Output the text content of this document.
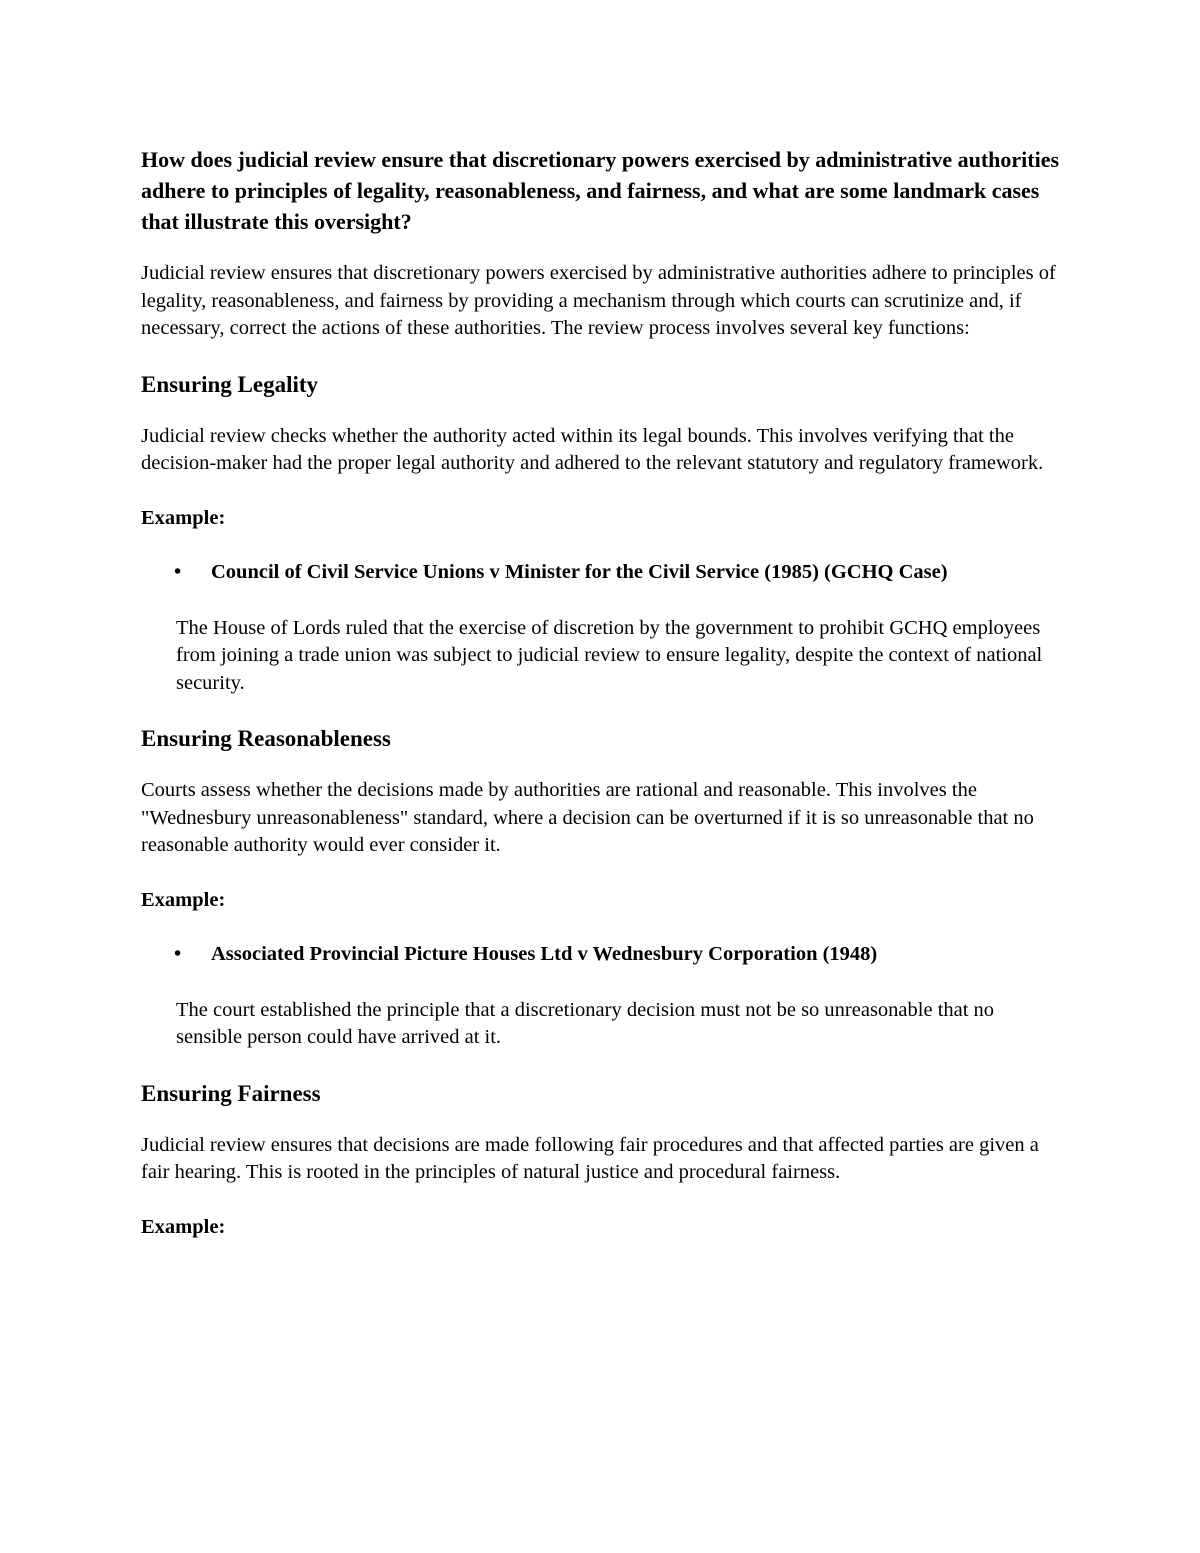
How does judicial review ensure that discretionary powers exercised by administrative authorities adhere to principles of legality, reasonableness, and fairness, and what are some landmark cases that illustrate this oversight?

Judicial review ensures that discretionary powers exercised by administrative authorities adhere to principles of legality, reasonableness, and fairness by providing a mechanism through which courts can scrutinize and, if necessary, correct the actions of these authorities. The review process involves several key functions:

Ensuring Legality

Judicial review checks whether the authority acted within its legal bounds. This involves verifying that the decision-maker had the proper legal authority and adhered to the relevant statutory and regulatory framework.

Example:

• Council of Civil Service Unions v Minister for the Civil Service (1985) (GCHQ Case)

The House of Lords ruled that the exercise of discretion by the government to prohibit GCHQ employees from joining a trade union was subject to judicial review to ensure legality, despite the context of national security.

Ensuring Reasonableness

Courts assess whether the decisions made by authorities are rational and reasonable. This involves the "Wednesbury unreasonableness" standard, where a decision can be overturned if it is so unreasonable that no reasonable authority would ever consider it.

Example:

• Associated Provincial Picture Houses Ltd v Wednesbury Corporation (1948)

The court established the principle that a discretionary decision must not be so unreasonable that no sensible person could have arrived at it.

Ensuring Fairness

Judicial review ensures that decisions are made following fair procedures and that affected parties are given a fair hearing. This is rooted in the principles of natural justice and procedural fairness.

Example:
